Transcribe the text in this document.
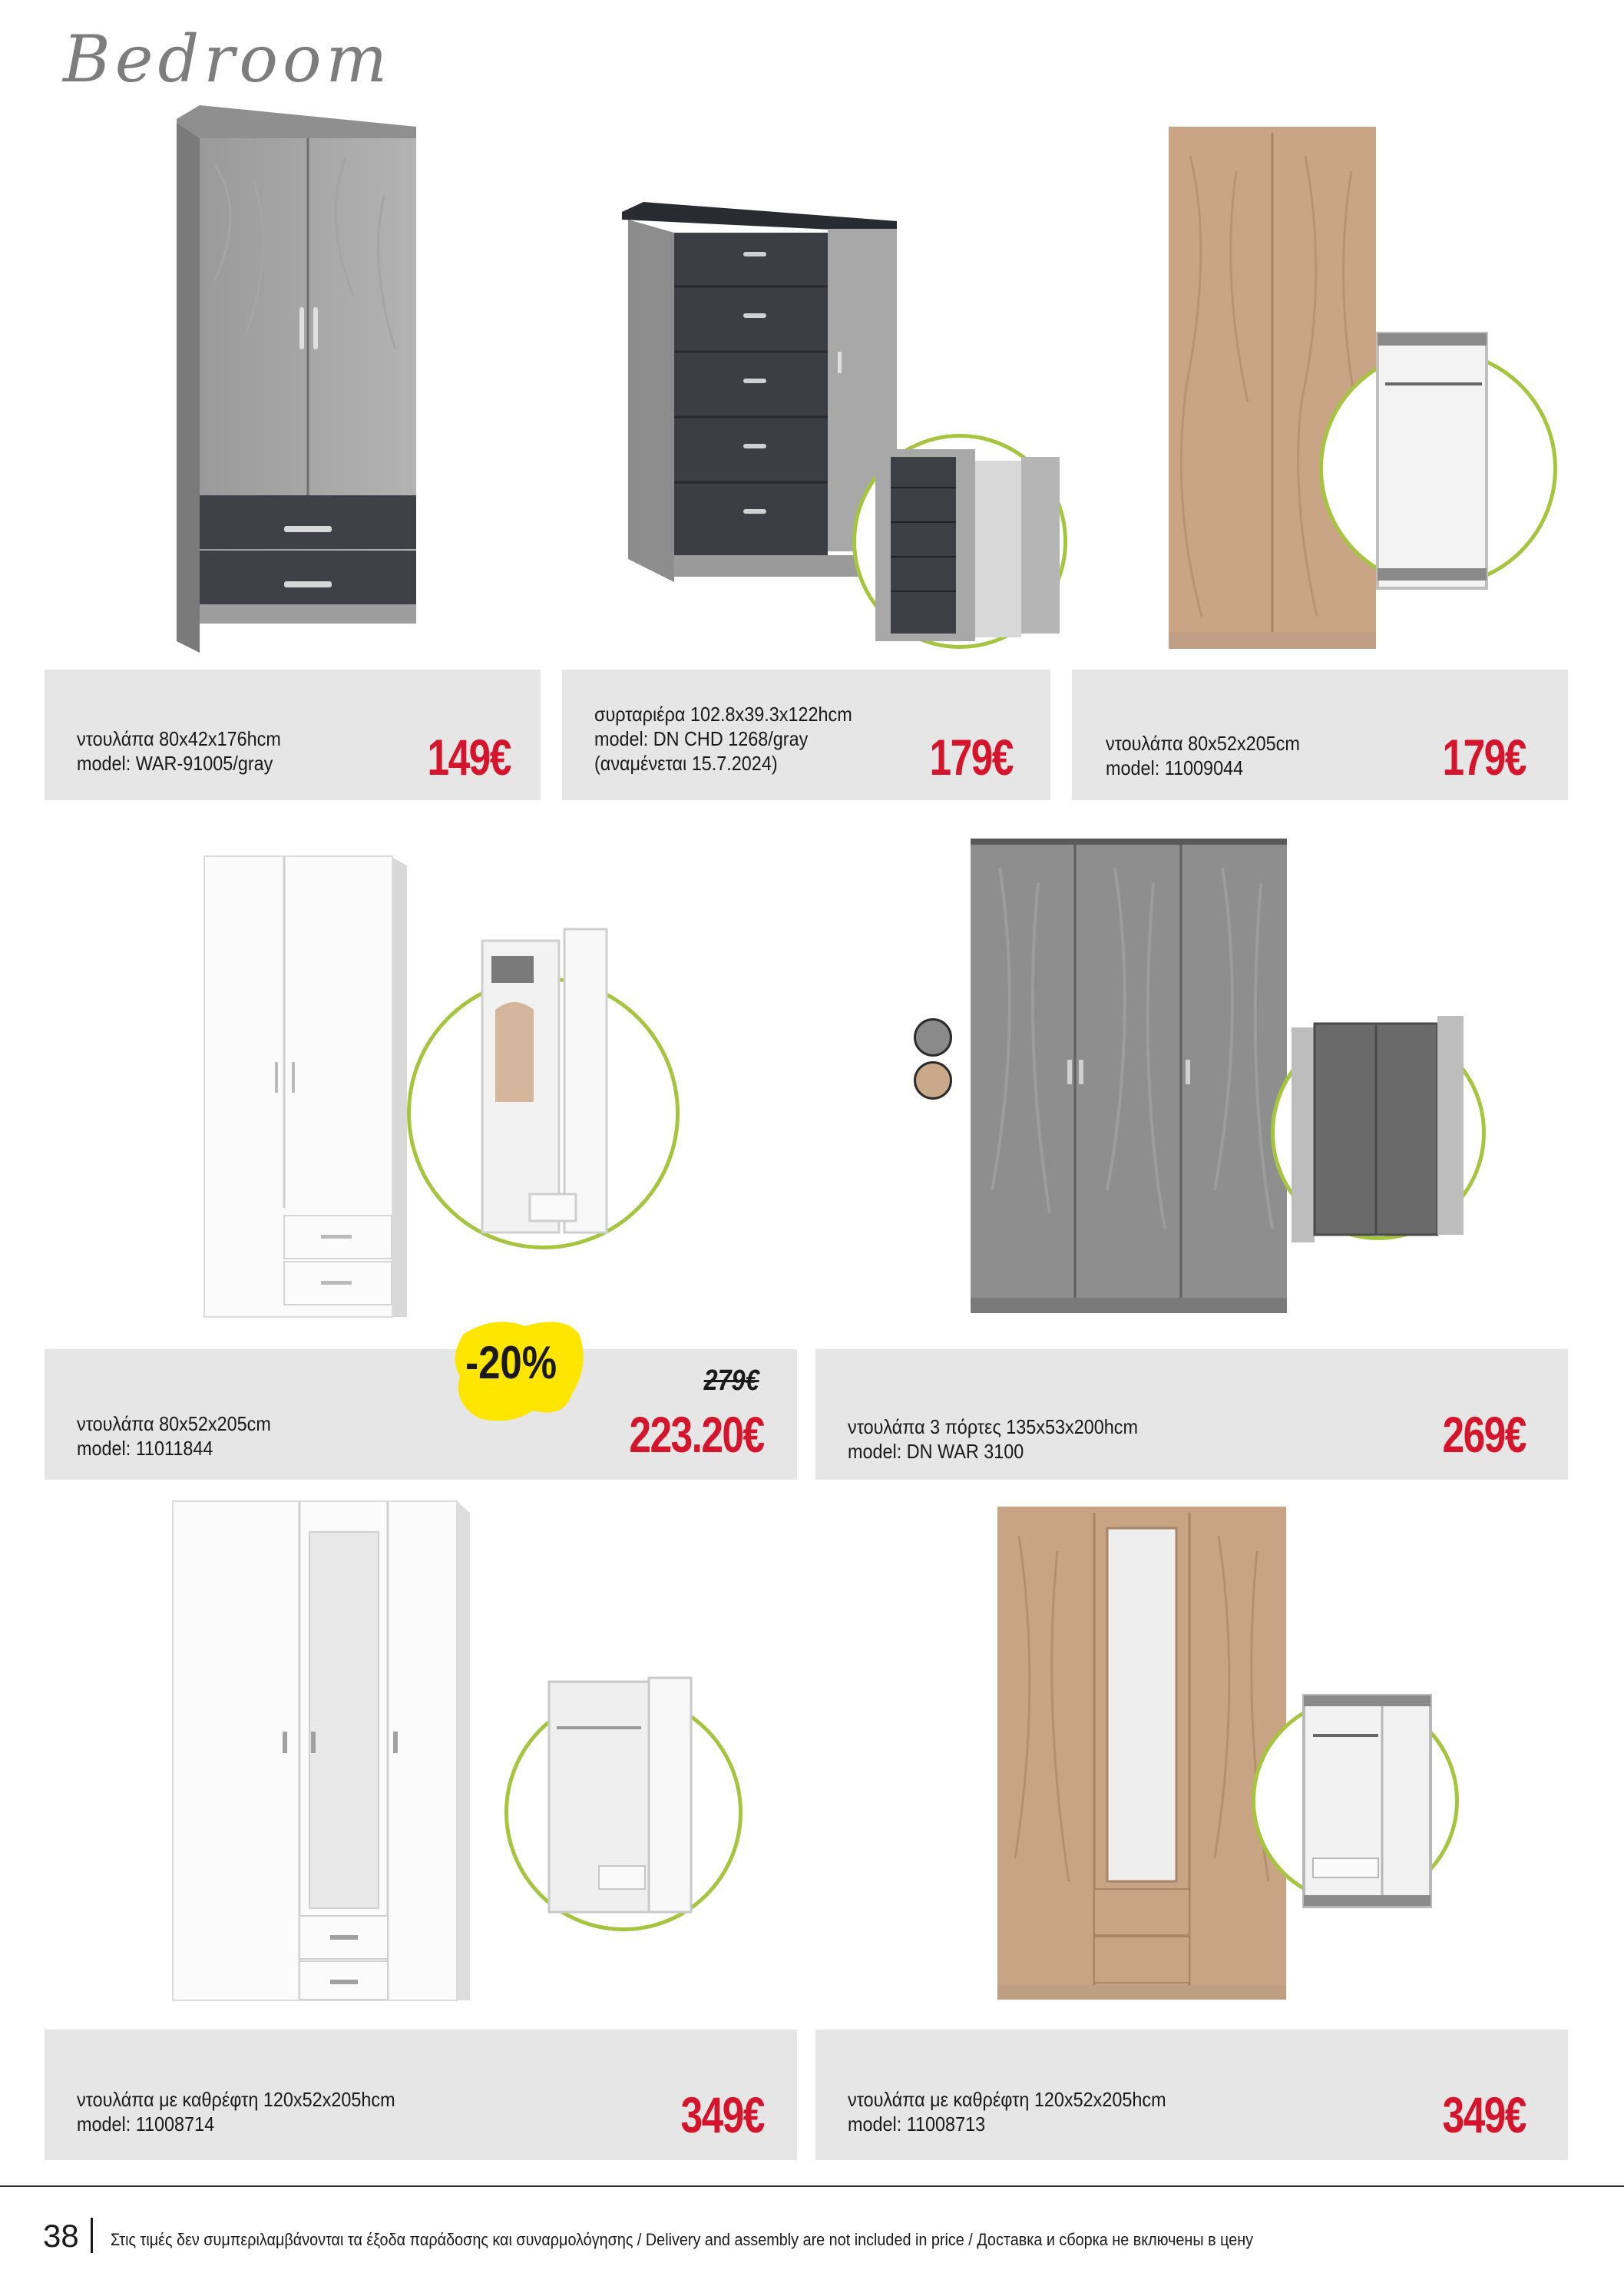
Bedroom
ντουλάπα 80x42x176hcm
model: WAR-91005/gray	149€
συρταριέρα 102.8x39.3x122hcm
model: DN CHD 1268/gray
(αναμένεται 15.7.2024)	179€	ντουλάπα 80x52x205cm
model: 11009044	179€
-20%	279€
ντουλάπα 80x52x205cm
model: 11011844	223.20€	ντουλάπα 3 πόρτες 135x53x200hcm
model: DN WAR 3100	269€
ντουλάπα με καθρέφτη 120x52x205hcm
model: 11008714	349€	ντουλάπα με καθρέφτη 120x52x205hcm
model: 11008713	349€
38 Στις τιμές δεν συμπεριλαμβάνονται τα έξοδα παράδοσης και συναρμολόγησης / Delivery and assembly are not included in price / Доставка и сборка не включены в цену
